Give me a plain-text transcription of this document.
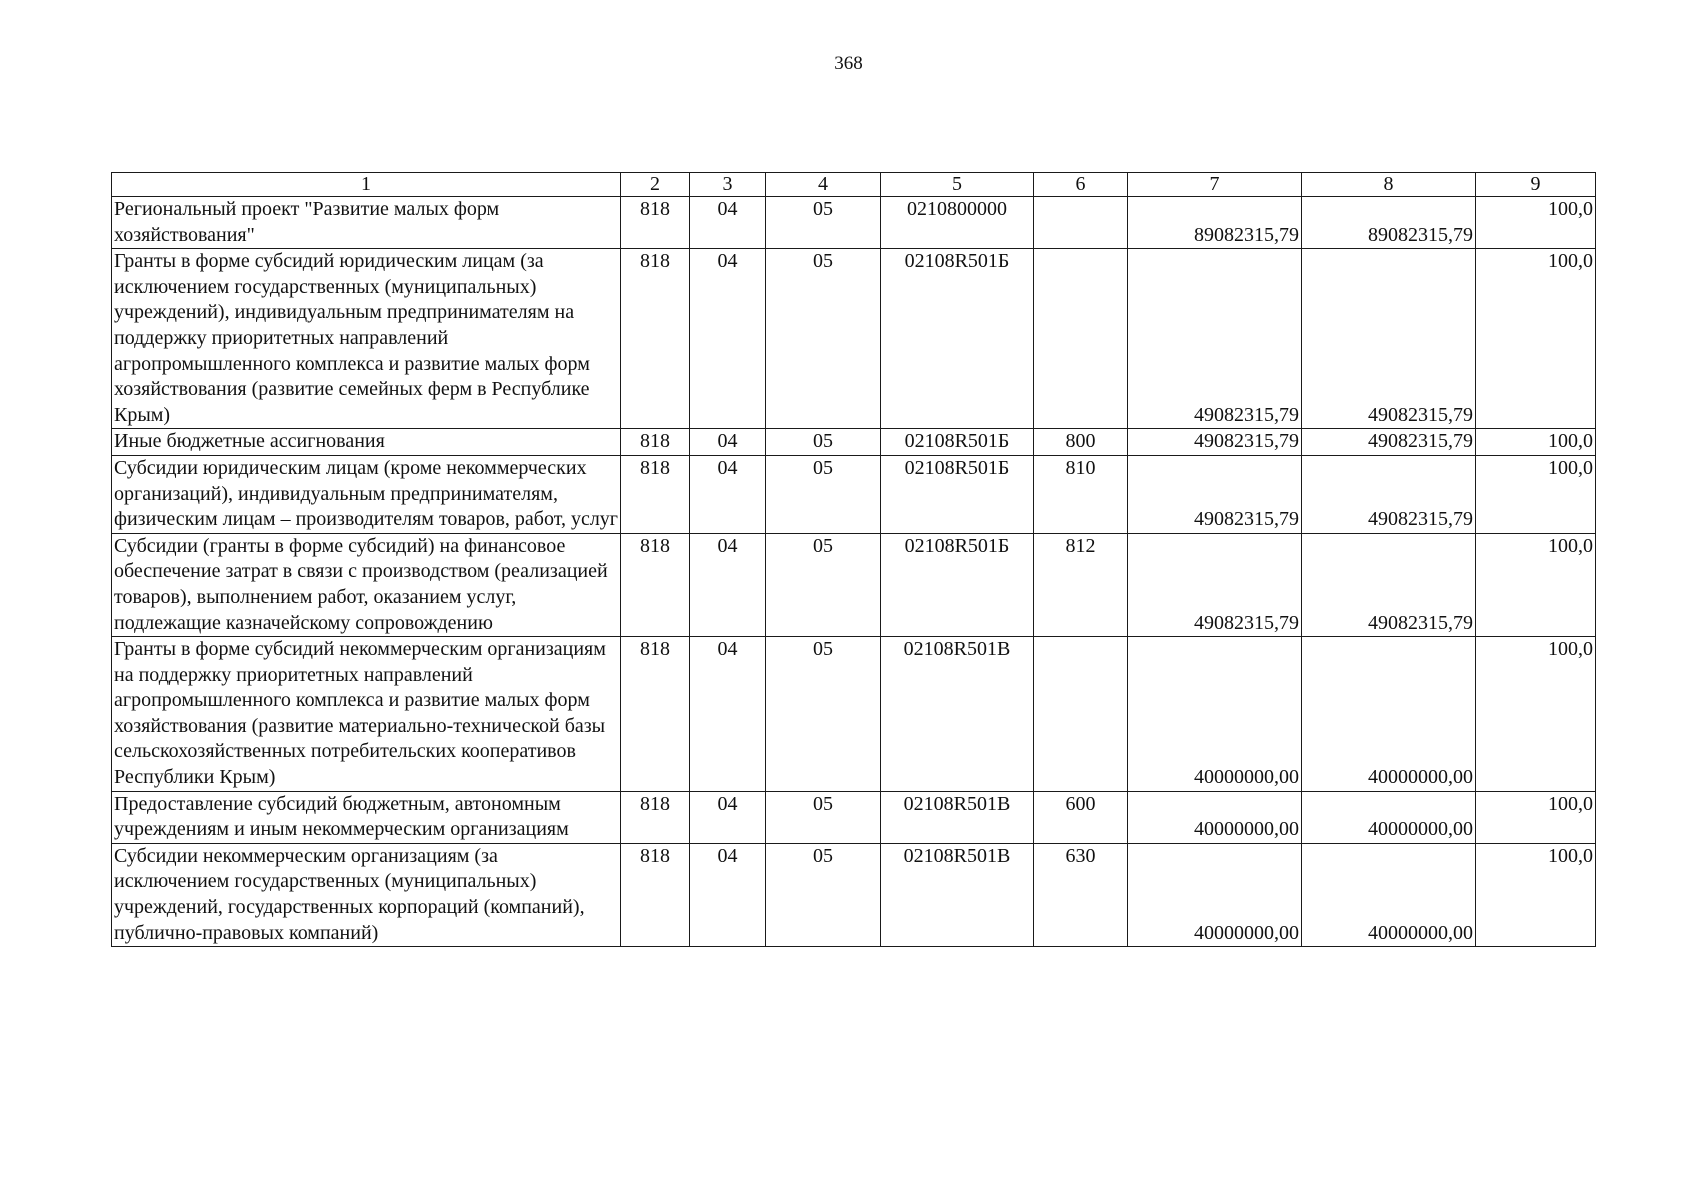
368
1	2	3	4	5	6	7	8	9
Региональный проект "Развитие малых форм хозяйствования"	818	04	05	0210800000		89082315,79	89082315,79	100,0
Гранты в форме субсидий юридическим лицам (за исключением государственных (муниципальных) учреждений), индивидуальным предпринимателям на поддержку приоритетных направлений агропромышленного комплекса и развитие малых форм хозяйствования (развитие семейных ферм в Республике Крым)	818	04	05	02108R501Б		49082315,79	49082315,79	100,0
Иные бюджетные ассигнования	818	04	05	02108R501Б	800	49082315,79	49082315,79	100,0
Субсидии юридическим лицам (кроме некоммерческих организаций), индивидуальным предпринимателям, физическим лицам – производителям товаров, работ, услуг	818	04	05	02108R501Б	810	49082315,79	49082315,79	100,0
Субсидии (гранты в форме субсидий) на финансовое обеспечение затрат в связи с производством (реализацией товаров), выполнением работ, оказанием услуг, подлежащие казначейскому сопровождению	818	04	05	02108R501Б	812	49082315,79	49082315,79	100,0
Гранты в форме субсидий некоммерческим организациям на поддержку приоритетных направлений агропромышленного комплекса и развитие малых форм хозяйствования (развитие материально-технической базы сельскохозяйственных потребительских кооперативов Республики Крым)	818	04	05	02108R501В		40000000,00	40000000,00	100,0
Предоставление субсидий бюджетным, автономным учреждениям и иным некоммерческим организациям	818	04	05	02108R501В	600	40000000,00	40000000,00	100,0
Субсидии некоммерческим организациям (за исключением государственных (муниципальных) учреждений, государственных корпораций (компаний), публично-правовых компаний)	818	04	05	02108R501В	630	40000000,00	40000000,00	100,0
